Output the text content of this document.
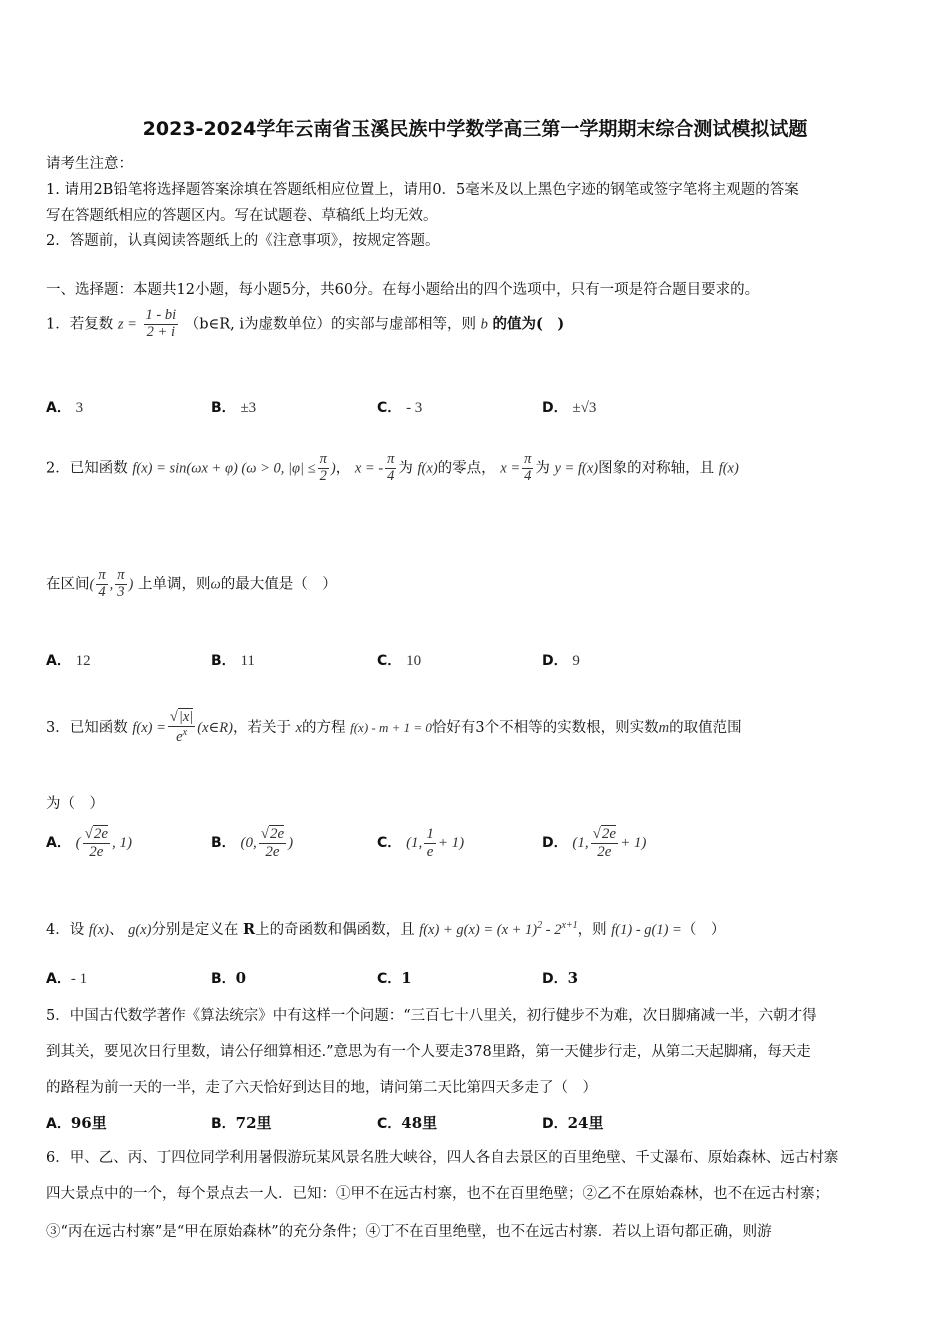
2023-2024学年云南省玉溪民族中学数学高三第一学期期末综合测试模拟试题
请考生注意：
1. 请用2B铅笔将选择题答案涂填在答题纸相应位置上，请用0．5毫米及以上黑色字迹的钢笔或签字笔将主观题的答案
写在答题纸相应的答题区内。写在试题卷、草稿纸上均无效。
2．答题前，认真阅读答题纸上的《注意事项》，按规定答题。
一、选择题：本题共12小题，每小题5分，共60分。在每小题给出的四个选项中，只有一项是符合题目要求的。
1．若复数 $z = \frac{1 - bi}{2 + i}$ （b∈R, i为虚数单位）的实部与虚部相等，则 b 的值为(　)
A． 3	B． ±3	C． - 3	D． ±√3
2．已知函数 f(x) = sin(ωx + φ) (ω > 0, $|\varphi| \le \frac{\pi}{2}$ )， x = - $\frac{\pi}{4}$ 为 f(x)的零点， $x = \frac{\pi}{4}$ 为 y = f(x)图象的对称轴，且 f(x)
在区间( $\frac{\pi}{4}$ , $\frac{\pi}{3}$ ) 上单调，则ω的最大值是（　）
A． 12	B． 11	C． 10	D． 9
3．已知函数 $f(x) = \frac{√|x|}{e^x}$ (x∈R)，若关于 x的方程 f(x) - m + 1 = 0恰好有3个不相等的实数根，则实数m的取值范围
为（　）
A． ( $\frac{√2e}{2e}$ , 1)	B． (0, $\frac{√2e}{2e}$ )	C． (1, $\frac{1}{e} + 1$)	D． (1, $\frac{√2e}{2e} + 1$)
4．设 f(x)、 g(x)分别是定义在 R上的奇函数和偶函数，且 $f(x) + g(x) = (x + 1)^2 - 2^{x+1}$，则 f(1) - g(1) =（　）
A．- 1	B．0	C．1	D．3
5．中国古代数学著作《算法统宗》中有这样一个问题：“三百七十八里关，初行健步不为难，次日脚痛减一半，六朝才得
到其关，要见次日行里数，请公仔细算相还.”意思为有一个人要走378里路，第一天健步行走，从第二天起脚痛，每天走
的路程为前一天的一半，走了六天恰好到达目的地，请问第二天比第四天多走了（　）
A．96里	B．72里	C．48里	D．24里
6．甲、乙、丙、丁四位同学利用暑假游玩某风景名胜大峡谷，四人各自去景区的百里绝壁、千丈瀑布、原始森林、远古村寨
四大景点中的一个，每个景点去一人．已知：①甲不在远古村寨，也不在百里绝壁；②乙不在原始森林，也不在远古村寨；
③“丙在远古村寨”是“甲在原始森林”的充分条件；④丁不在百里绝壁，也不在远古村寨．若以上语句都正确，则游
